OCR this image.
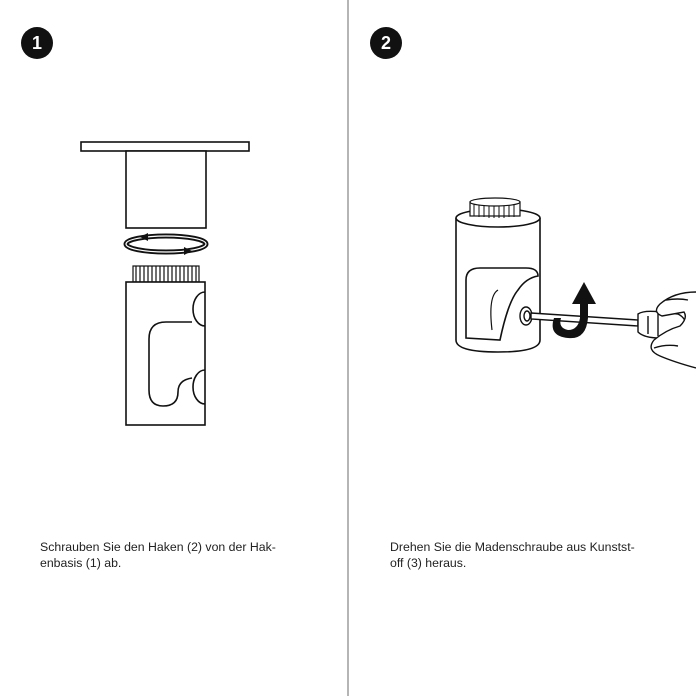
1

Schrauben Sie den Haken (2) von der Hak-
enbasis (1) ab.

2

Drehen Sie die Madenschraube aus Kunstst-
off (3) heraus.
